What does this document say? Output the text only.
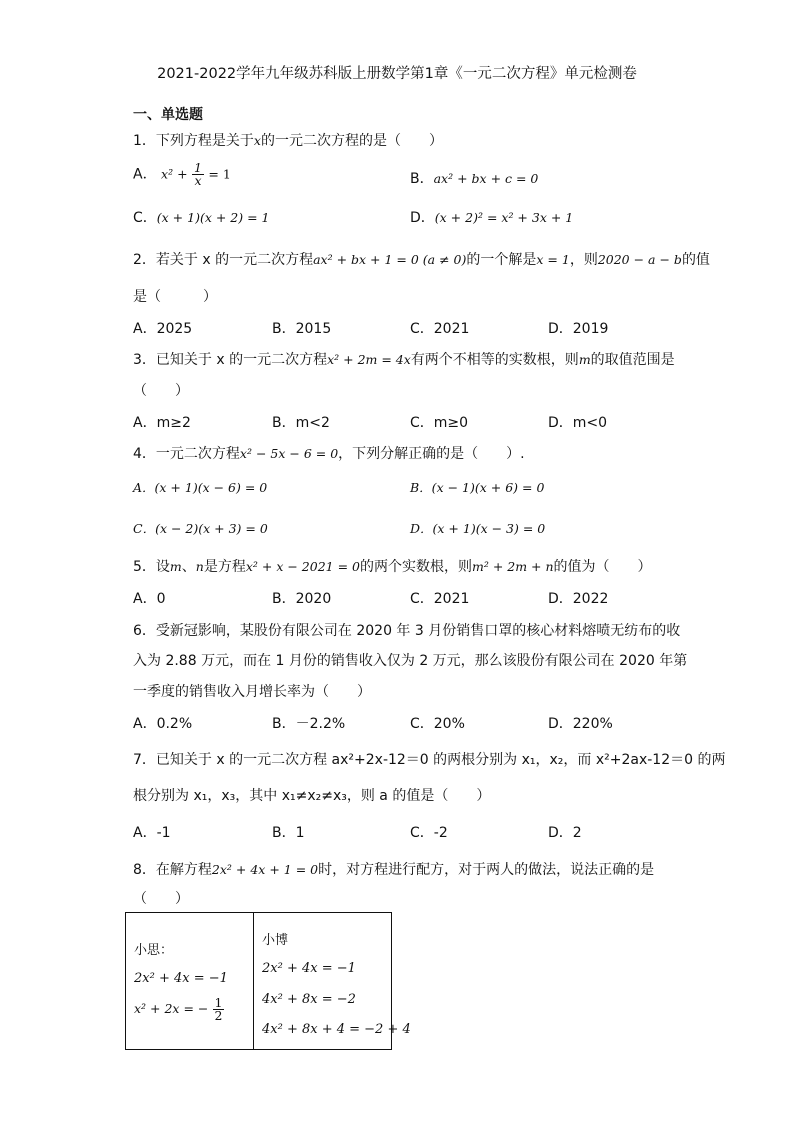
2021-2022学年九年级苏科版上册数学第1章《一元二次方程》单元检测卷
一、单选题
1．下列方程是关于x的一元二次方程的是（　　）
A． $x^2 + \frac{1}{x} = 1$	B．ax² + bx + c = 0
C．(x + 1)(x + 2) = 1	D．(x + 2)² = x² + 3x + 1
2．若关于 x 的一元二次方程ax² + bx + 1 = 0 (a ≠ 0)的一个解是x = 1，则2020 − a − b的值
是（　　　）
A．2025	B．2015	C．2021	D．2019
3．已知关于 x 的一元二次方程x² + 2m = 4x有两个不相等的实数根，则m的取值范围是
（　　）
A．m≥2	B．m<2	C．m≥0	D．m<0
4．一元二次方程x² − 5x − 6 = 0，下列分解正确的是（　　）.
A．(x + 1)(x − 6) = 0	B．(x − 1)(x + 6) = 0
C．(x − 2)(x + 3) = 0	D．(x + 1)(x − 3) = 0
5．设m、n是方程x² + x − 2021 = 0的两个实数根，则m² + 2m + n的值为（　　）
A．0	B．2020	C．2021	D．2022
6．受新冠影响，某股份有限公司在 2020 年 3 月份销售口罩的核心材料熔喷无纺布的收
入为 2.88 万元，而在 1 月份的销售收入仅为 2 万元，那么该股份有限公司在 2020 年第
一季度的销售收入月增长率为（　　）
A．0.2%	B．－2.2%	C．20%	D．220%
7．已知关于 x 的一元二次方程 ax²+2x-12＝0 的两根分别为 x₁，x₂，而 x²+2ax-12＝0 的两
根分别为 x₁，x₃，其中 x₁≠x₂≠x₃，则 a 的值是（　　）
A．-1	B．1	C．-2	D．2
8．在解方程2x² + 4x + 1 = 0时，对方程进行配方，对于两人的做法，说法正确的是
（　　）
小思：
2x² + 4x = −1
x² + 2x = − $\frac{1}{2}$
小博
2x² + 4x = −1
4x² + 8x = −2
4x² + 8x + 4 = −2 + 4
